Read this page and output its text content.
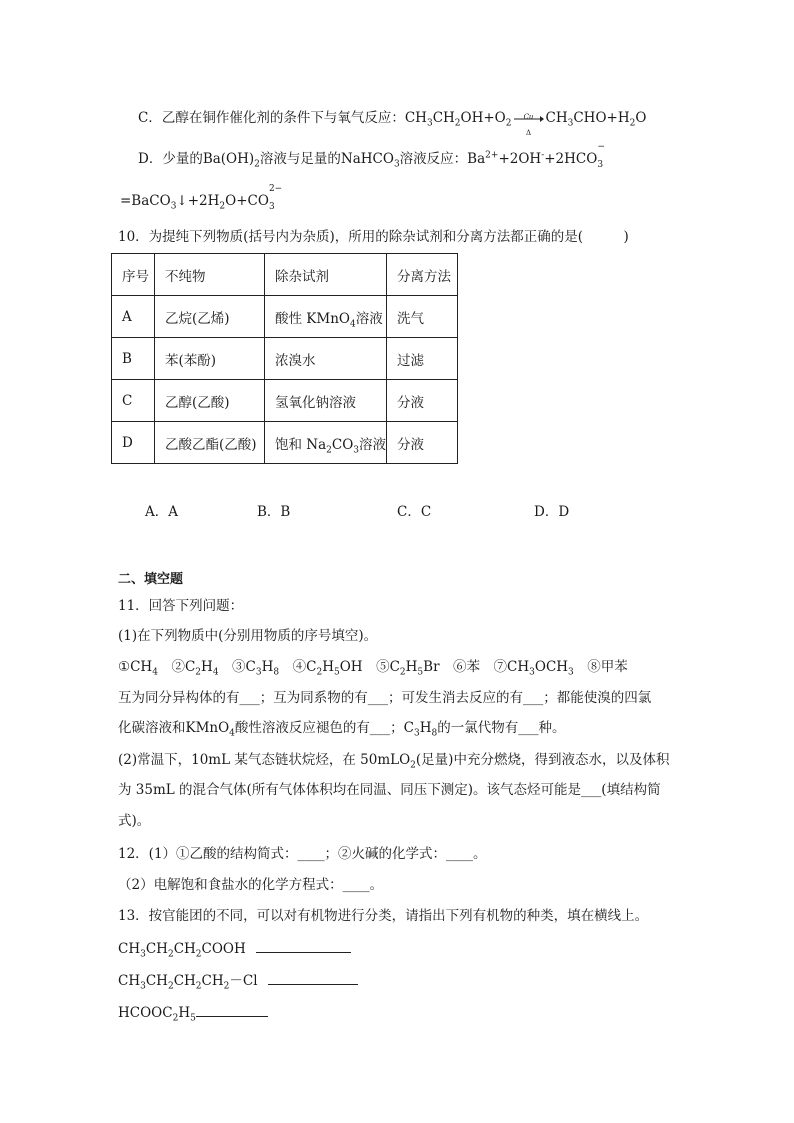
C．乙醇在铜作催化剂的条件下与氧气反应：$CH_3CH_2OH+O_2$
Cu
Δ
$CH_3CHO+H_2O$
D．少量的$Ba(OH)_2$溶液与足量的NaHCO$_3$溶液反应：$Ba^{2+}+2OH^-+2HCO$
$_{- 3}$
$=BaCO_3↓+2H_2O+CO$
$_{2- 3}$
10．为提纯下列物质(括号内为杂质)，所用的除杂试剂和分离方法都正确的是(　　　)
序号	不纯物	除杂试剂	分离方法
A	乙烷(乙烯)	酸性 KMnO$_4$溶液	洗气
B	苯(苯酚)	浓溴水	过滤
C	乙醇(乙酸)	氢氧化钠溶液	分液
D	乙酸乙酯(乙酸)	饱和 $Na_2CO_3$溶液	分液
A．A	B．B	C．C	D．D
二、填空题
11．回答下列问题：
(1)在下列物质中(分别用物质的序号填空)。
$①CH_4$　$②C_2H_4$　$③C_3H_8$　$④C_2H_5OH$　$⑤C_2H_5Br$　⑥苯　$⑦CH_3OCH_3$　⑧甲苯
互为同分异构体的有___；互为同系物的有___；可发生消去反应的有___；都能使溴的四氯
化碳溶液和KMnO$_4$酸性溶液反应褪色的有___；$C_3H_8$的一氯代物有___种。
(2)常温下，10mL 某气态链状烷烃，在 50mLO$_2$(足量)中充分燃烧，得到液态水，以及体积
为 35mL 的混合气体(所有气体体积均在同温、同压下测定)。该气态烃可能是___(填结构简
式)。
12．(1）①乙酸的结构简式：____；②火碱的化学式：____。
（2）电解饱和食盐水的化学方程式：____。
13．按官能团的不同，可以对有机物进行分类，请指出下列有机物的种类，填在横线上。
$CH_3CH_2CH_2COOH$
$CH_3CH_2CH_2CH_2-Cl$
$HCOOC_2H_5$
